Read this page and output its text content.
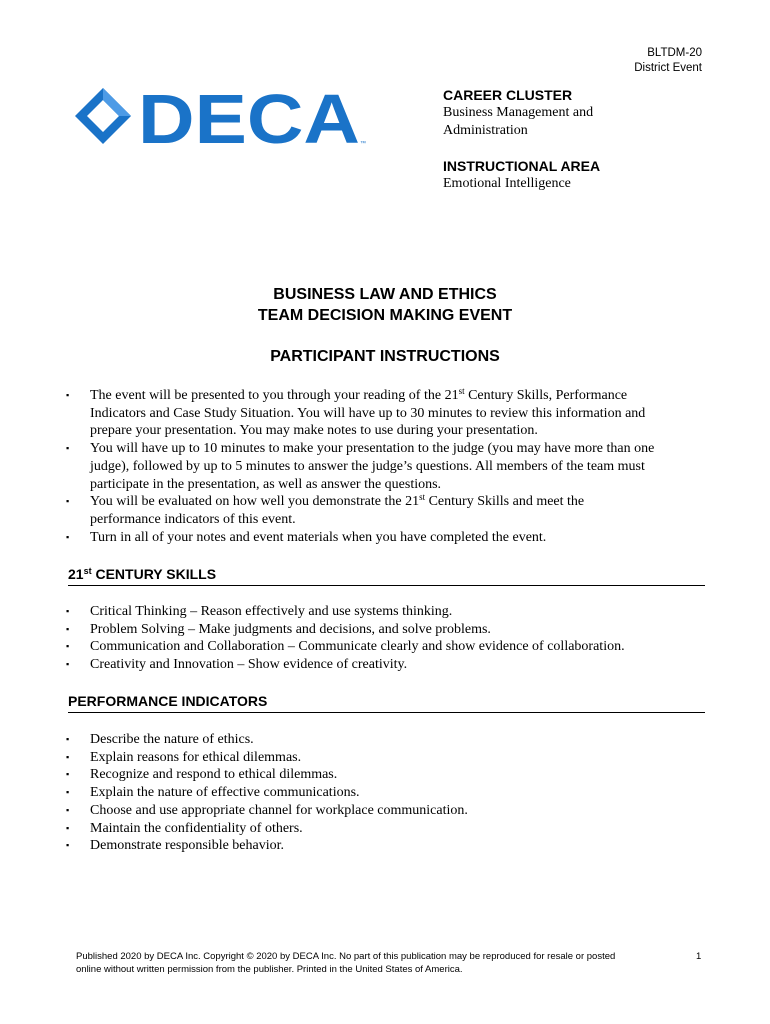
BLTDM-20
District Event
DECA ™
CAREER CLUSTER
Business Management and
Administration
INSTRUCTIONAL AREA
Emotional Intelligence
BUSINESS LAW AND ETHICS
TEAM DECISION MAKING EVENT
PARTICIPANT INSTRUCTIONS
▪ The event will be presented to you through your reading of the 21st Century Skills, Performance
Indicators and Case Study Situation. You will have up to 30 minutes to review this information and
prepare your presentation. You may make notes to use during your presentation.
▪ You will have up to 10 minutes to make your presentation to the judge (you may have more than one
judge), followed by up to 5 minutes to answer the judge’s questions. All members of the team must
participate in the presentation, as well as answer the questions.
▪ You will be evaluated on how well you demonstrate the 21st Century Skills and meet the
performance indicators of this event.
▪ Turn in all of your notes and event materials when you have completed the event.
21st CENTURY SKILLS
▪ Critical Thinking – Reason effectively and use systems thinking.
▪ Problem Solving – Make judgments and decisions, and solve problems.
▪ Communication and Collaboration – Communicate clearly and show evidence of collaboration.
▪ Creativity and Innovation – Show evidence of creativity.
PERFORMANCE INDICATORS
▪ Describe the nature of ethics.
▪ Explain reasons for ethical dilemmas.
▪ Recognize and respond to ethical dilemmas.
▪ Explain the nature of effective communications.
▪ Choose and use appropriate channel for workplace communication.
▪ Maintain the confidentiality of others.
▪ Demonstrate responsible behavior.
Published 2020 by DECA Inc. Copyright © 2020 by DECA Inc. No part of this publication may be reproduced for resale or posted
online without written permission from the publisher. Printed in the United States of America.
1
